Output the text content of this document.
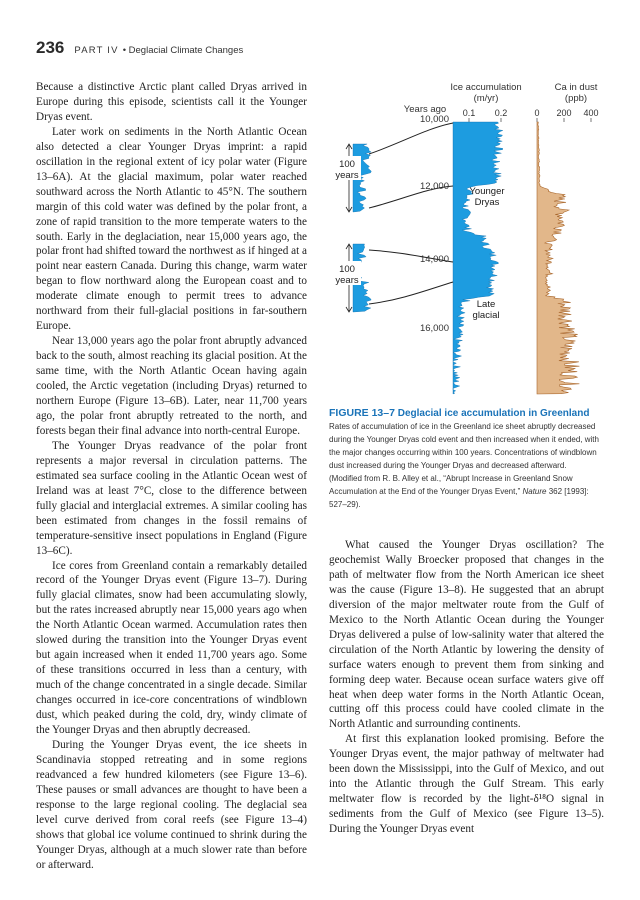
236 PART IV • Deglacial Climate Changes

Because a distinctive Arctic plant called Dryas arrived in Europe during this episode, scientists call it the Younger Dryas event.

Later work on sediments in the North Atlantic Ocean also detected a clear Younger Dryas imprint: a rapid oscillation in the regional extent of icy polar water (Figure 13–6A). At the glacial maximum, polar water reached southward across the North Atlantic to 45°N. The southern margin of this cold water was defined by the polar front, a zone of rapid transition to the more temperate waters to the south. Early in the deglaciation, near 15,000 years ago, the polar front had shifted toward the northwest as if hinged at a point near eastern Canada. During this change, warm water began to flow northward along the European coast and to moderate climate enough to permit trees to advance northward from their full-glacial positions in far-southern Europe.

Near 13,000 years ago the polar front abruptly advanced back to the south, almost reaching its glacial position. At the same time, with the North Atlantic Ocean having again cooled, the Arctic vegetation (including Dryas) returned to northern Europe (Figure 13–6B). Later, near 11,700 years ago, the polar front abruptly retreated to the north, and forests began their final advance into north-central Europe.

The Younger Dryas readvance of the polar front represents a major reversal in circulation patterns. The estimated sea surface cooling in the Atlantic Ocean west of Ireland was at least 7°C, close to the difference between fully glacial and interglacial extremes. A similar cooling has been estimated from changes in the fossil remains of temperature-sensitive insect populations in England (Figure 13–6C).

Ice cores from Greenland contain a remarkably detailed record of the Younger Dryas event (Figure 13–7). During fully glacial climates, snow had been accumulating slowly, but the rates increased abruptly near 15,000 years ago when the North Atlantic Ocean warmed. Accumulation rates then slowed during the transition into the Younger Dryas event but again increased when it ended 11,700 years ago. Some of these transitions occurred in less than a century, with much of the change concentrated in a single decade. Similar changes occurred in ice-core concentrations of windblown dust, which peaked during the cold, dry, windy climate of the Younger Dryas and then abruptly decreased.

During the Younger Dryas event, the ice sheets in Scandinavia stopped retreating and in some regions readvanced a few hundred kilometers (see Figure 13–6). These pauses or small advances are thought to have been a response to the large regional cooling. The deglacial sea level curve derived from coral reefs (see Figure 13–4) shows that global ice volume continued to shrink during the Younger Dryas, although at a much slower rate than before or afterward.

Ice accumulation
(m/yr)
Ca in dust
(ppb)
Years ago 0.1 0.2	0 200 400
100
years
100
years
10,000
12,000
14,000
16,000
Younger
Dryas
Late
glacial
FIGURE 13–7 Deglacial ice accumulation in Greenland
Rates of accumulation of ice in the Greenland ice sheet abruptly decreased during the Younger Dryas cold event and then increased when it ended, with the major changes occurring within 100 years. Concentrations of windblown dust increased during the Younger Dryas and decreased afterward. (Modified from R. B. Alley et al., “Abrupt Increase in Greenland Snow Accumulation at the End of the Younger Dryas Event,” Nature 362 [1993]: 527–29).

What caused the Younger Dryas oscillation? The geochemist Wally Broecker proposed that changes in the path of meltwater flow from the North American ice sheet was the cause (Figure 13–8). He suggested that an abrupt diversion of the major meltwater route from the Gulf of Mexico to the North Atlantic Ocean during the Younger Dryas delivered a pulse of low-salinity water that altered the circulation of the North Atlantic by lowering the density of surface waters enough to prevent them from sinking and forming deep water. Because ocean surface waters give off heat when deep water forms in the North Atlantic Ocean, cutting off this process could have cooled climate in the North Atlantic and surrounding continents.

At first this explanation looked promising. Before the Younger Dryas event, the major pathway of meltwater had been down the Mississippi, into the Gulf of Mexico, and out into the Atlantic through the Gulf Stream. This early meltwater flow is recorded by the light-δ¹⁸O signal in sediments from the Gulf of Mexico (see Figure 13–5). During the Younger Dryas event
